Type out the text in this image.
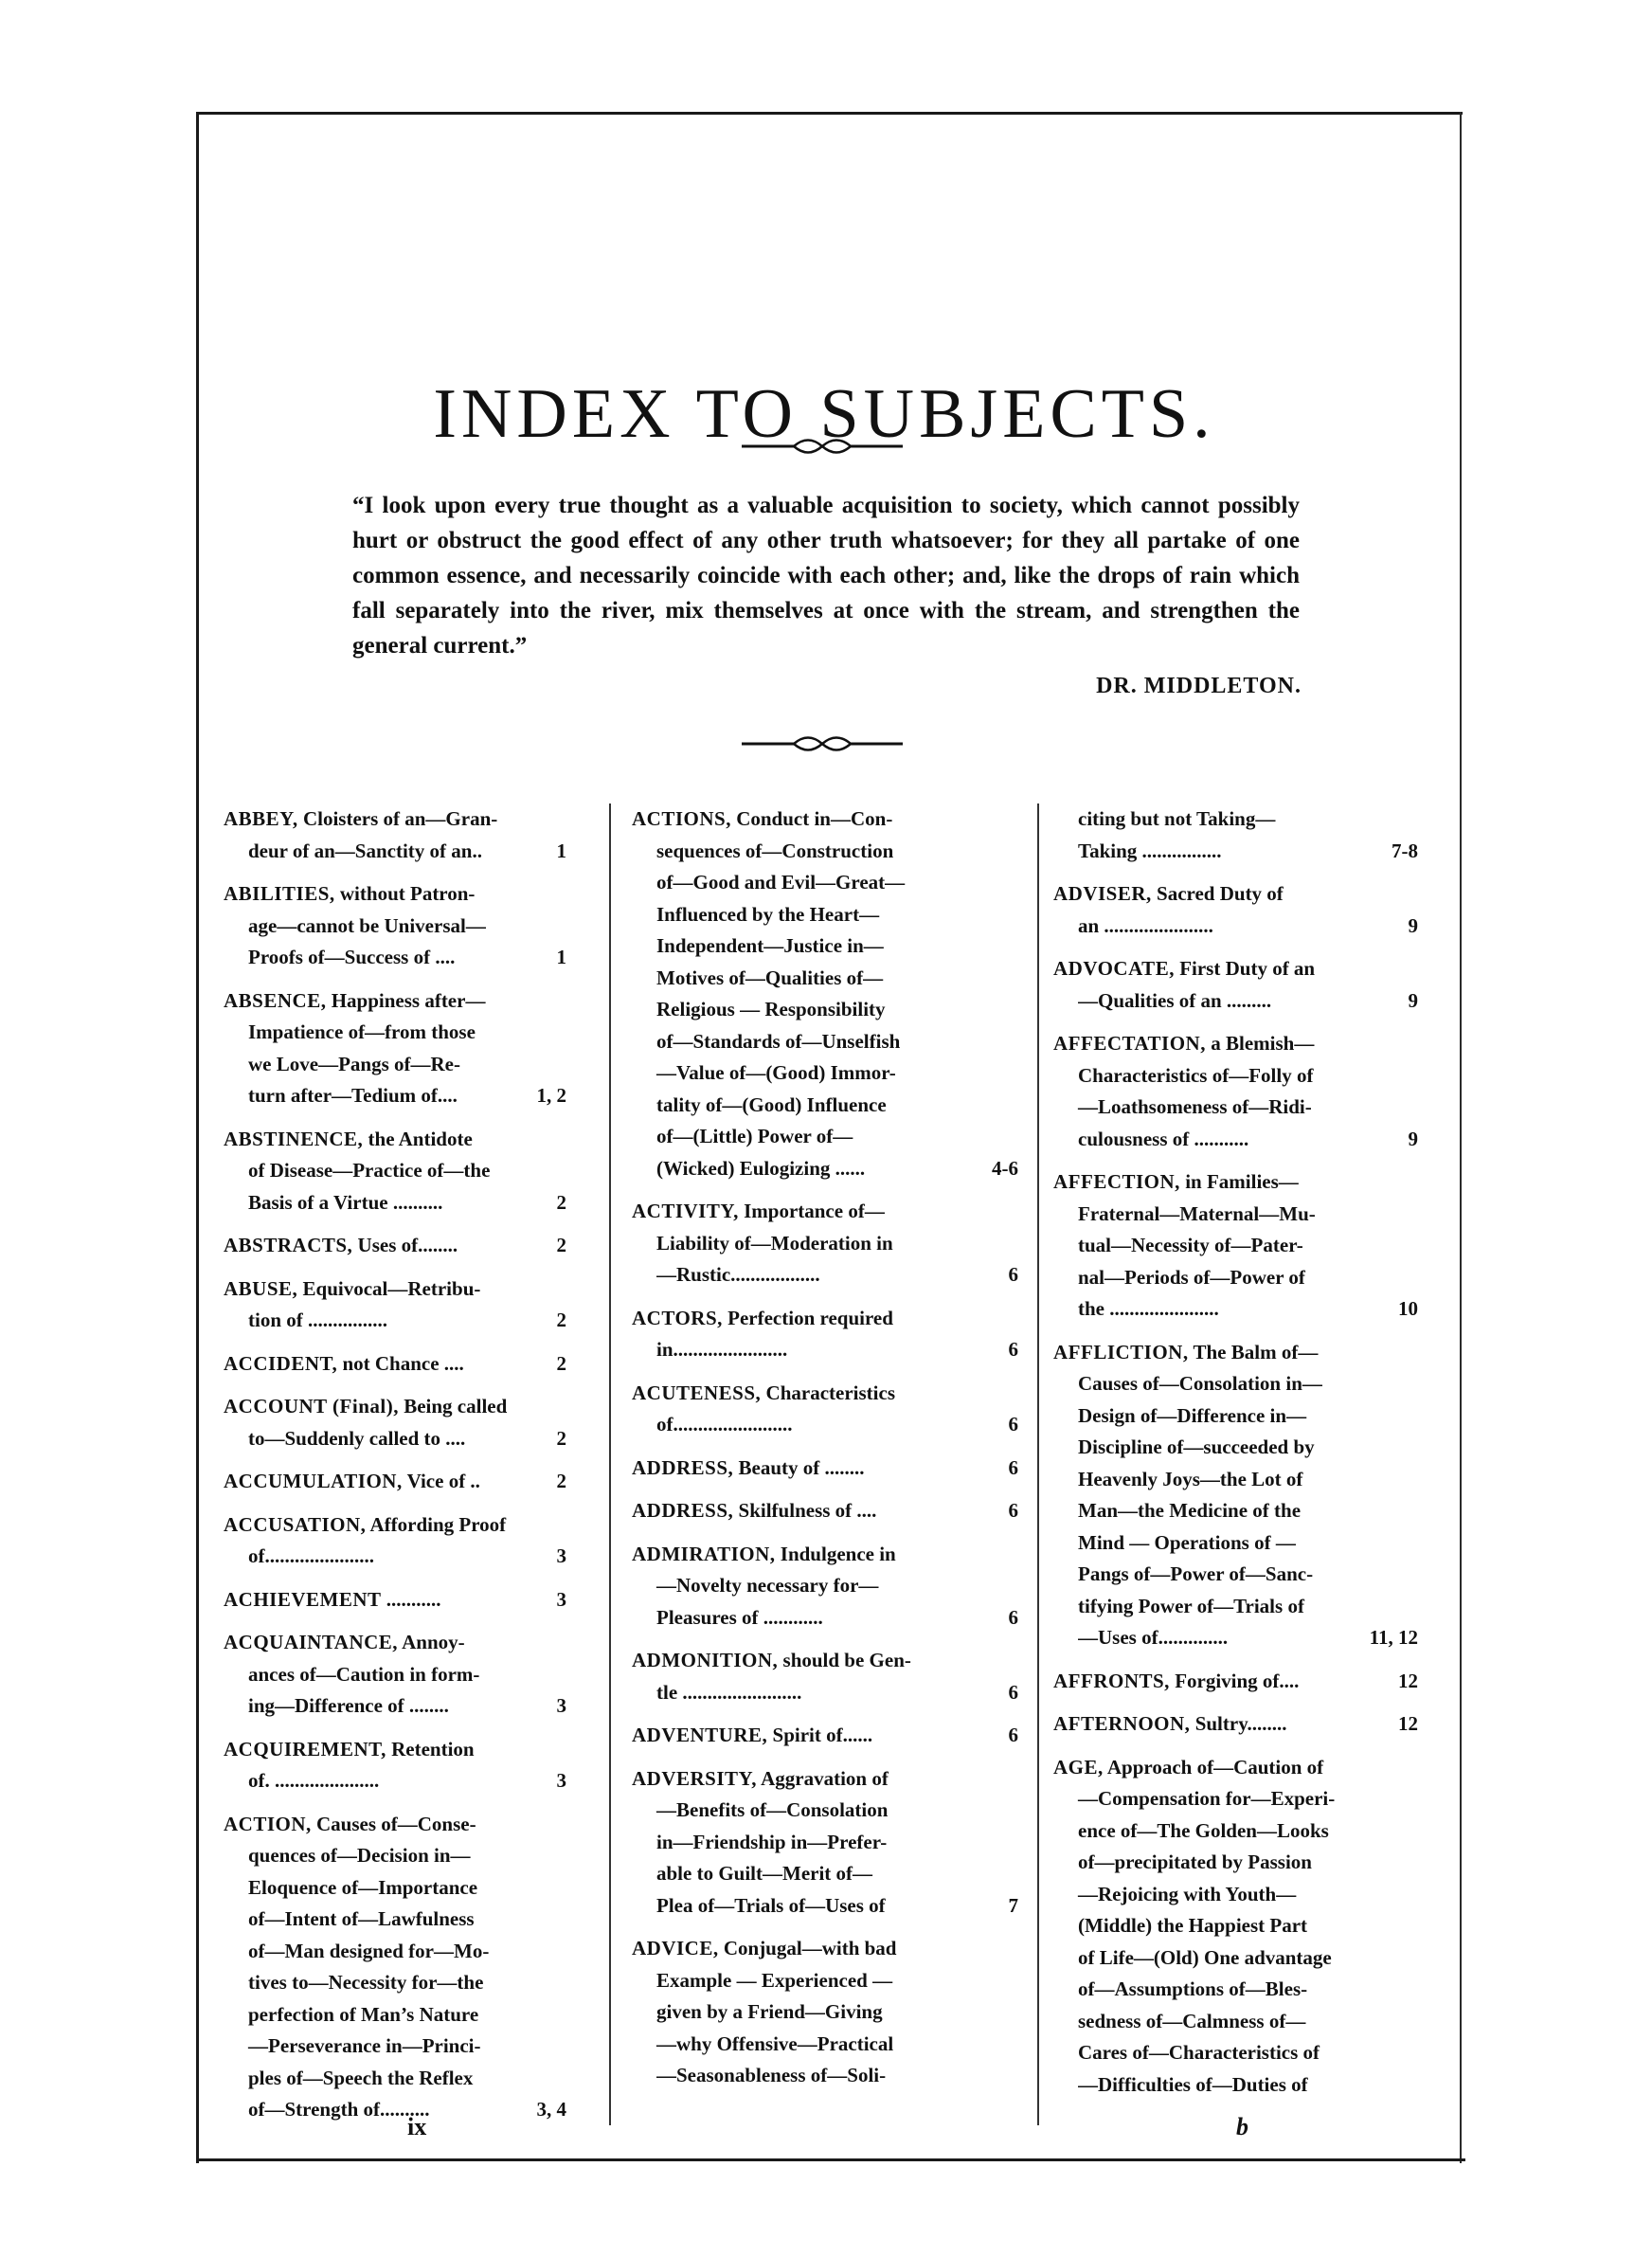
INDEX TO SUBJECTS.
“I look upon every true thought as a valuable acquisition to society, which cannot possibly hurt or obstruct the good effect of any other truth whatsoever; for they all partake of one common essence, and necessarily coincide with each other; and, like the drops of rain which fall separately into the river, mix themselves at once with the stream, and strengthen the general current.”
DR. MIDDLETON.
ABBEY, Cloisters of an—Gran-
deur of an—Sanctity of an..	1
ABILITIES, without Patron-
age—cannot be Universal—
Proofs of—Success of ....	1
ABSENCE, Happiness after—
Impatience of—from those
we Love—Pangs of—Re-
turn after—Tedium of....	1, 2
ABSTINENCE, the Antidote
of Disease—Practice of—the
Basis of a Virtue ..........	2
ABSTRACTS, Uses of........	2
ABUSE, Equivocal—Retribu-
tion of ................	2
ACCIDENT, not Chance ....	2
ACCOUNT (Final), Being called
to—Suddenly called to ....	2
ACCUMULATION, Vice of ..	2
ACCUSATION, Affording Proof
of......................	3
ACHIEVEMENT ...........	3
ACQUAINTANCE, Annoy-
ances of—Caution in form-
ing—Difference of ........	3
ACQUIREMENT, Retention
of. .....................	3
ACTION, Causes of—Conse-
quences of—Decision in—
Eloquence of—Importance
of—Intent of—Lawfulness
of—Man designed for—Mo-
tives to—Necessity for—the
perfection of Man’s Nature
—Perseverance in—Princi-
ples of—Speech the Reflex
of—Strength of..........	3, 4
ACTIONS, Conduct in—Con-
sequences of—Construction
of—Good and Evil—Great—
Influenced by the Heart—
Independent—Justice in—
Motives of—Qualities of—
Religious — Responsibility
of—Standards of—Unselfish
—Value of—(Good) Immor-
tality of—(Good) Influence
of—(Little) Power of—
(Wicked) Eulogizing ......	4-6
ACTIVITY, Importance of—
Liability of—Moderation in
—Rustic..................	6
ACTORS, Perfection required
in.......................	6
ACUTENESS, Characteristics
of........................	6
ADDRESS, Beauty of ........	6
ADDRESS, Skilfulness of ....	6
ADMIRATION, Indulgence in
—Novelty necessary for—
Pleasures of ............	6
ADMONITION, should be Gen-
tle ........................	6
ADVENTURE, Spirit of......	6
ADVERSITY, Aggravation of
—Benefits of—Consolation
in—Friendship in—Prefer-
able to Guilt—Merit of—
Plea of—Trials of—Uses of	7
ADVICE, Conjugal—with bad
Example — Experienced —
given by a Friend—Giving
—why Offensive—Practical
—Seasonableness of—Soli-
citing but not Taking—
Taking ................	7-8
ADVISER, Sacred Duty of
an ......................	9
ADVOCATE, First Duty of an
—Qualities of an .........	9
AFFECTATION, a Blemish—
Characteristics of—Folly of
—Loathsomeness of—Ridi-
culousness of ...........	9
AFFECTION, in Families—
Fraternal—Maternal—Mu-
tual—Necessity of—Pater-
nal—Periods of—Power of
the ......................	10
AFFLICTION, The Balm of—
Causes of—Consolation in—
Design of—Difference in—
Discipline of—succeeded by
Heavenly Joys—the Lot of
Man—the Medicine of the
Mind — Operations of —
Pangs of—Power of—Sanc-
tifying Power of—Trials of
—Uses of..............	11, 12
AFFRONTS, Forgiving of....	12
AFTERNOON, Sultry........	12
AGE, Approach of—Caution of
—Compensation for—Experi-
ence of—The Golden—Looks
of—precipitated by Passion
—Rejoicing with Youth—
(Middle) the Happiest Part
of Life—(Old) One advantage
of—Assumptions of—Bles-
sedness of—Calmness of—
Cares of—Characteristics of
—Difficulties of—Duties of
ix	b
